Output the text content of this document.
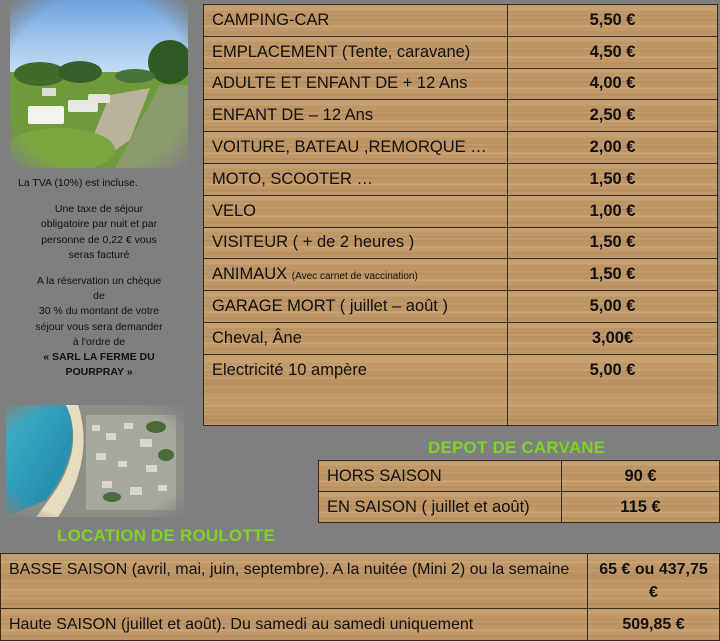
La TVA (10%) est incluse.

Une taxe de séjour

obligatoire par nuit et par

personne de 0,22 € vous

seras facturé

A la réservation un chèque

de

30 % du montant de votre

séjour vous sera demander

à l'ordre de

« SARL LA FERME DU

POURPRAY »

CAMPING-CAR	5,50 €
EMPLACEMENT (Tente, caravane)	4,50 €
ADULTE ET ENFANT DE + 12 Ans	4,00 €
ENFANT DE – 12 Ans	2,50 €
VOITURE, BATEAU ,REMORQUE …	2,00 €
MOTO, SCOOTER …	1,50 €
VELO	1,00 €
VISITEUR ( + de 2 heures )	1,50 €
ANIMAUX (Avec carnet de vaccination)	1,50 €
GARAGE MORT ( juillet – août )	5,00 €
Cheval, Âne	3,00€
Electricité 10 ampère	5,00 €
DEPOT DE CARVANE
HORS SAISON	90 €
EN SAISON ( juillet et août)	115 €
LOCATION DE ROULOTTE
BASSE SAISON (avril, mai, juin, septembre). A la nuitée (Mini 2) ou la semaine	65 € ou 437,75 €
Haute SAISON (juillet et août). Du samedi au samedi uniquement	509,85 €
